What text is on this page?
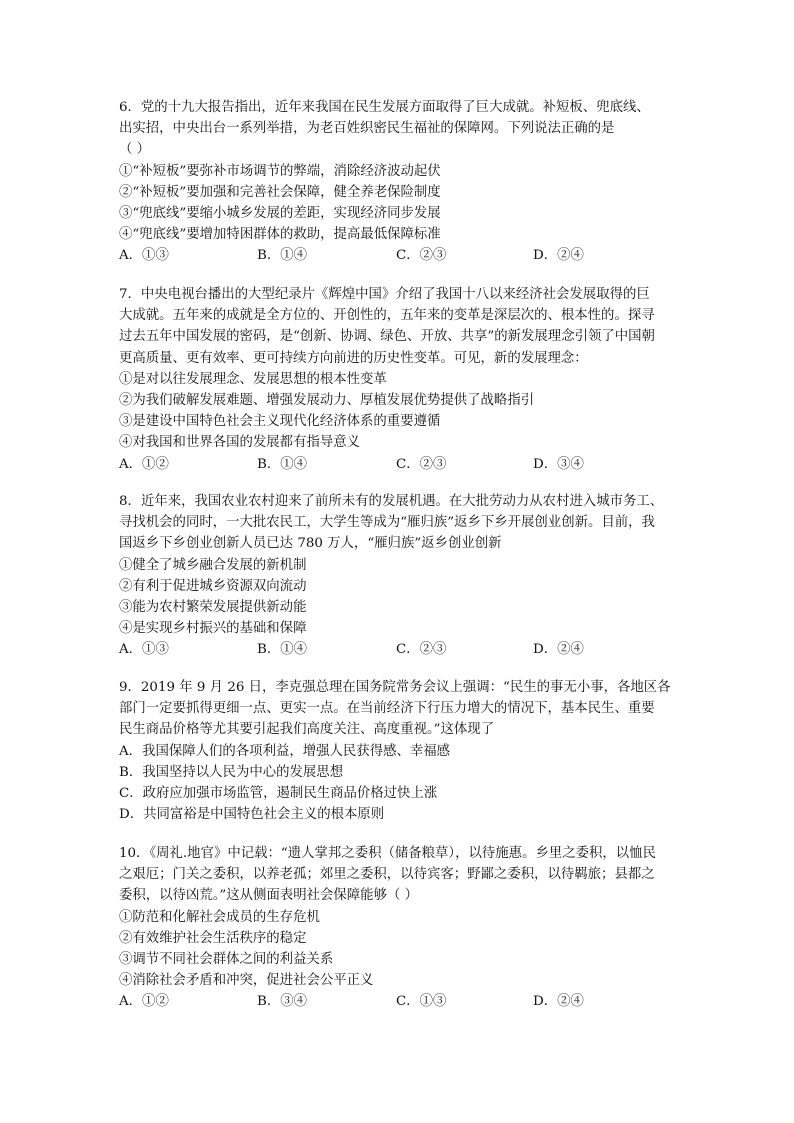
6．党的十九大报告指出，近年来我国在民生发展方面取得了巨大成就。补短板、兜底线、
出实招，中央出台一系列举措，为老百姓织密民生福祉的保障网。下列说法正确的是
（ ）
①“补短板”要弥补市场调节的弊端，消除经济波动起伏
②“补短板”要加强和完善社会保障，健全养老保险制度
③“兜底线”要缩小城乡发展的差距，实现经济同步发展
④“兜底线”要增加特困群体的救助，提高最低保障标准
A．①③	B．①④	C．②③	D．②④
7．中央电视台播出的大型纪录片《辉煌中国》介绍了我国十八以来经济社会发展取得的巨
大成就。五年来的成就是全方位的、开创性的，五年来的变革是深层次的、根本性的。探寻
过去五年中国发展的密码，是“创新、协调、绿色、开放、共享”的新发展理念引领了中国朝
更高质量、更有效率、更可持续方向前进的历史性变革。可见，新的发展理念：
①是对以往发展理念、发展思想的根本性变革
②为我们破解发展难题、增强发展动力、厚植发展优势提供了战略指引
③是建设中国特色社会主义现代化经济体系的重要遵循
④对我国和世界各国的发展都有指导意义
A．①②	B．①④	C．②③	D．③④
8．近年来，我国农业农村迎来了前所未有的发展机遇。在大批劳动力从农村进入城市务工、
寻找机会的同时，一大批农民工，大学生等成为“雁归族”返乡下乡开展创业创新。目前，我
国返乡下乡创业创新人员已达 780 万人，“雁归族”返乡创业创新
①健全了城乡融合发展的新机制
②有利于促进城乡资源双向流动
③能为农村繁荣发展提供新动能
④是实现乡村振兴的基础和保障
A．①③	B．①④	C．②③	D．②④
9．2019 年 9 月 26 日，李克强总理在国务院常务会议上强调：“民生的事无小事，各地区各
部门一定要抓得更细一点、更实一点。在当前经济下行压力增大的情况下，基本民生、重要
民生商品价格等尤其要引起我们高度关注、高度重视。”这体现了
A．我国保障人们的各项利益，增强人民获得感、幸福感
B．我国坚持以人民为中心的发展思想
C．政府应加强市场监管，遏制民生商品价格过快上涨
D．共同富裕是中国特色社会主义的根本原则
10．《周礼.地官》中记载：“遗人掌邦之委积（储备粮草），以待施惠。乡里之委积，以恤民
之艰厄；门关之委积，以养老孤；郊里之委积，以待宾客；野鄙之委积，以待羁旅；县都之
委积，以待凶荒。”这从侧面表明社会保障能够（ ）
①防范和化解社会成员的生存危机
②有效维护社会生活秩序的稳定
③调节不同社会群体之间的利益关系
④消除社会矛盾和冲突，促进社会公平正义
A．①②	B．③④	C．①③	D．②④
